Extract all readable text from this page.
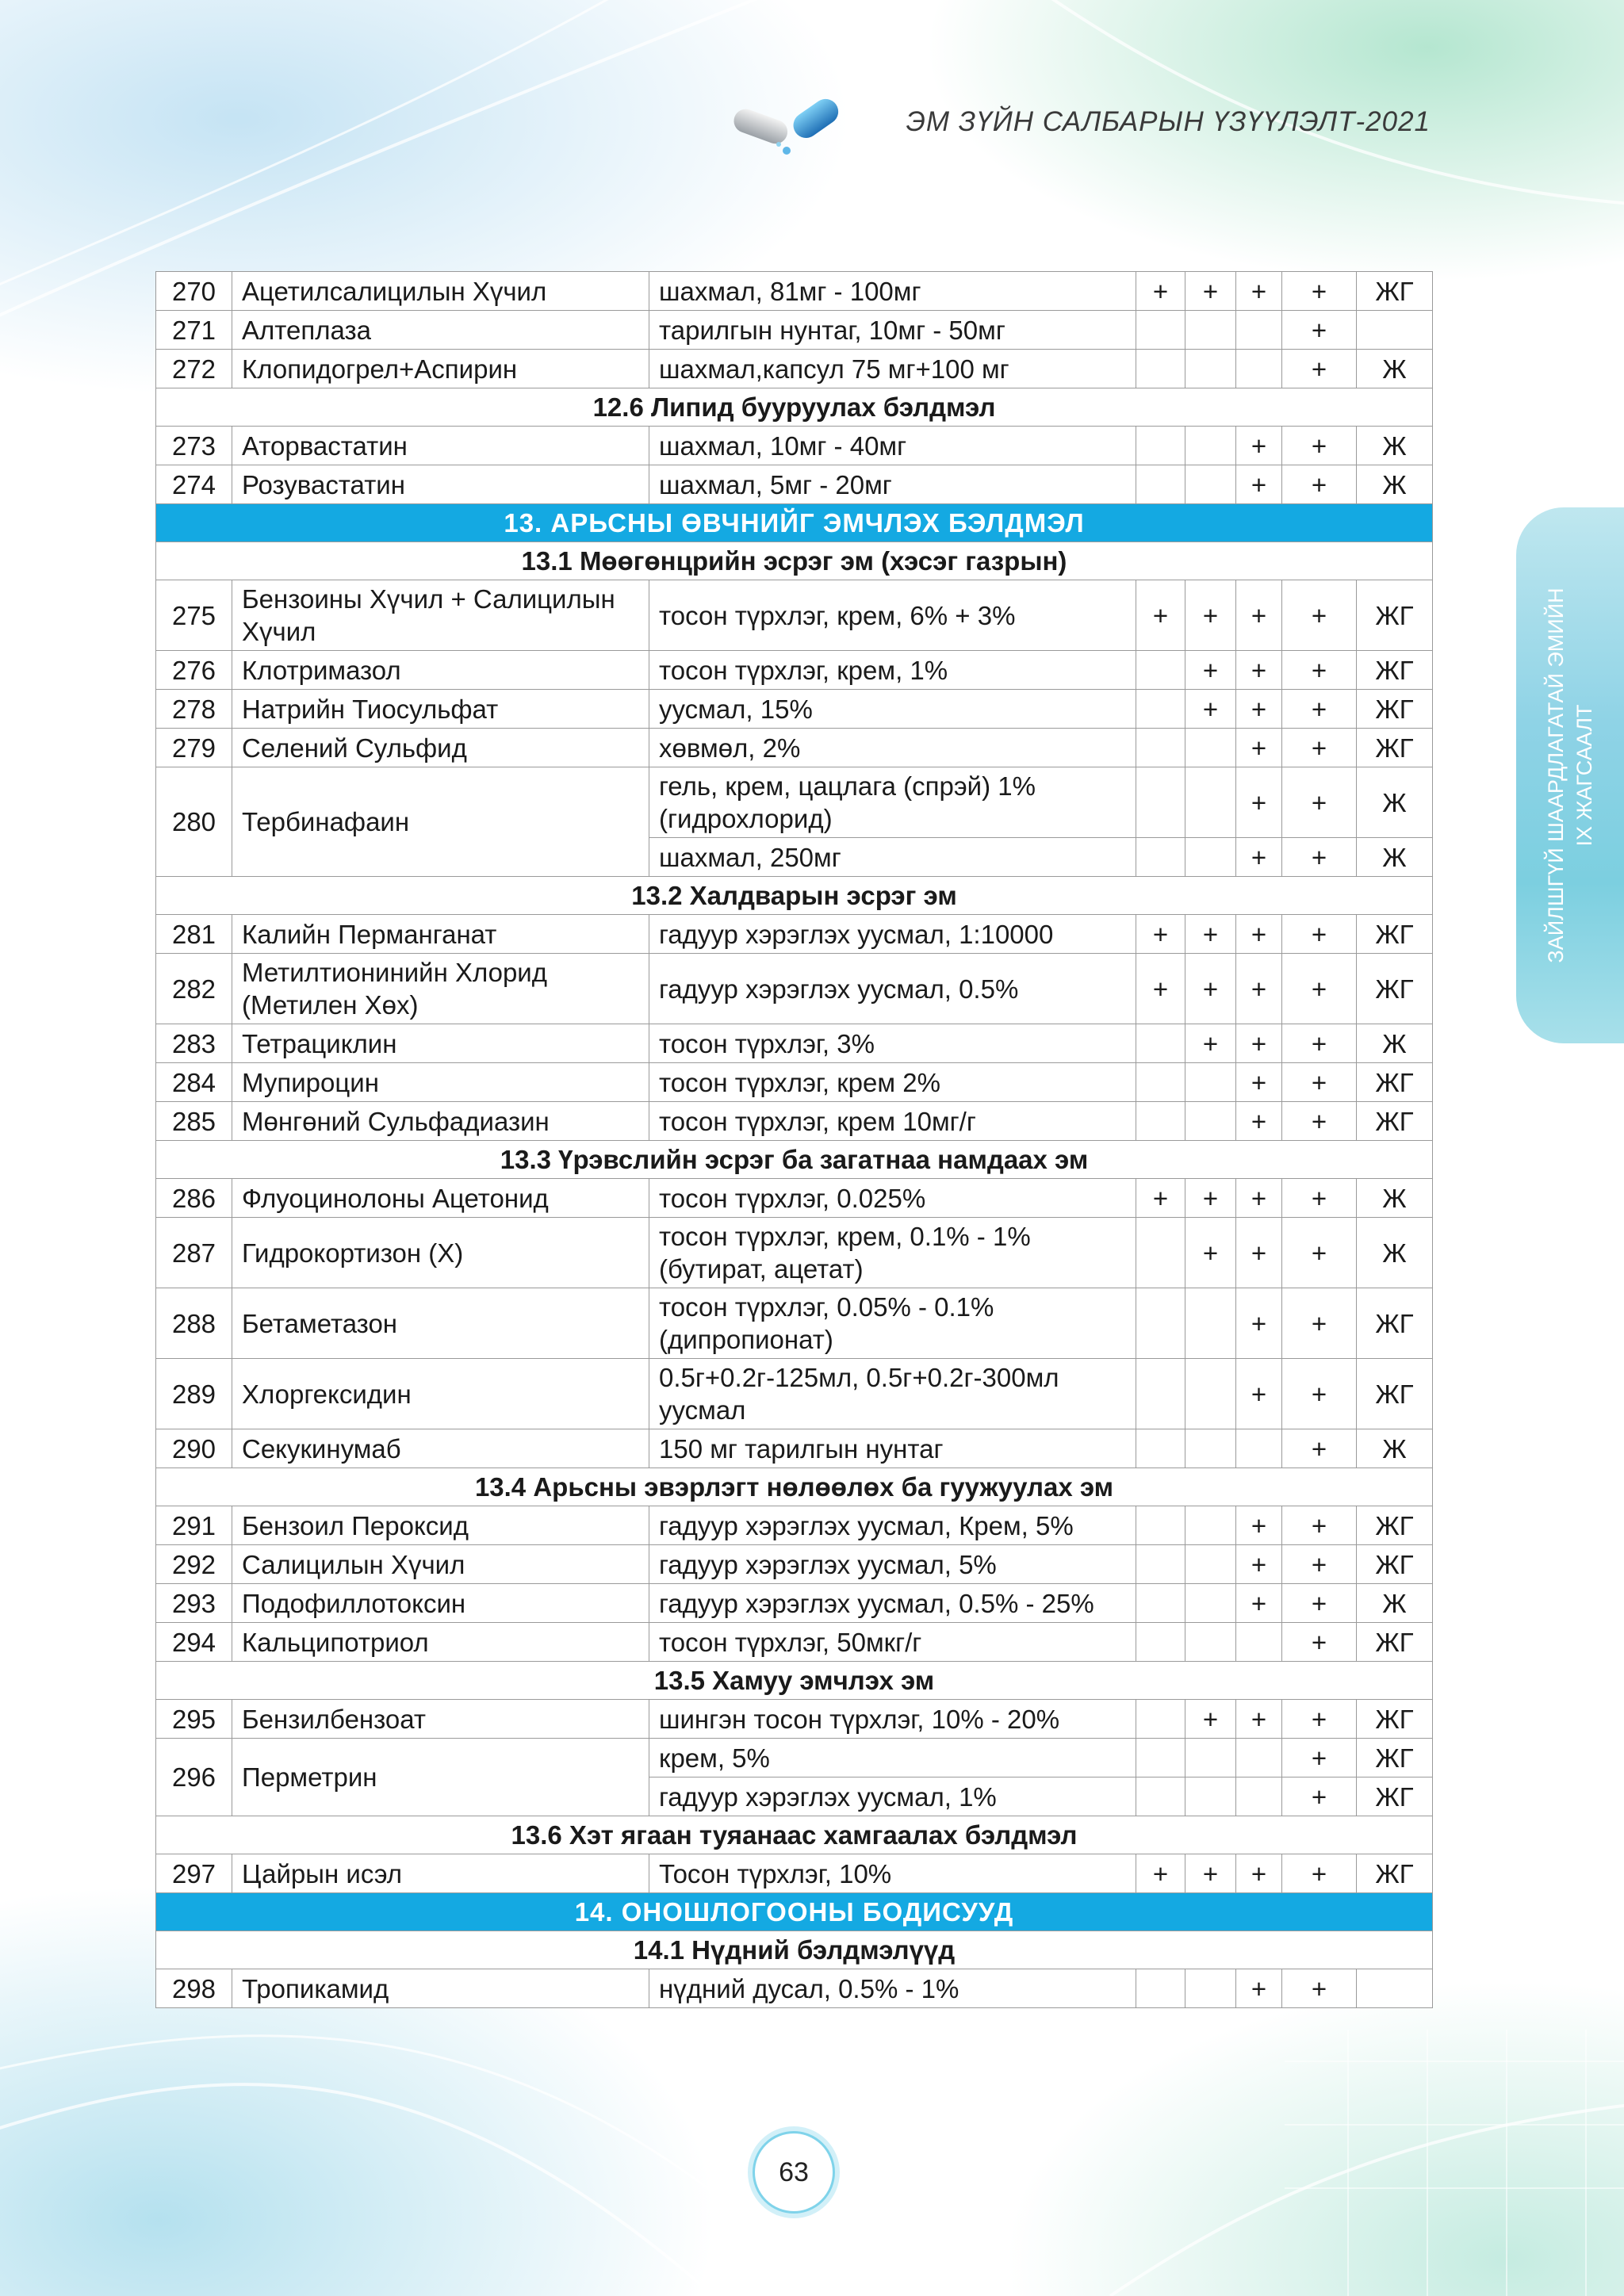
ЭМ ЗҮЙН САЛБАРЫН ҮЗҮҮЛЭЛТ-2021
ЗАЙЛШГҮЙ ШААРДЛАГАТАЙ ЭМИЙН IX ЖАГСААЛТ
270	Ацетилсалицилын Хүчил	шахмал, 81мг - 100мг	+	+	+	+	ЖГ
271	Алтеплаза	тарилгын нунтаг, 10мг - 50мг				+	
272	Клопидогрел+Аспирин	шахмал,капсул 75 мг+100 мг				+	Ж
12.6 Липид бууруулах бэлдмэл							
273	Аторвастатин	шахмал, 10мг - 40мг			+	+	Ж
274	Розувастатин	шахмал, 5мг - 20мг			+	+	Ж
13. АРЬСНЫ ӨВЧНИЙГ ЭМЧЛЭХ БЭЛДМЭЛ							
13.1 Мөөгөнцрийн эсрэг эм (хэсэг газрын)							
275	Бензоины Хүчил + Салицилын Хүчил	тосон түрхлэг, крем, 6% + 3%	+	+	+	+	ЖГ
276	Клотримазол	тосон түрхлэг, крем, 1%		+	+	+	ЖГ
278	Натрийн Тиосульфат	уусмал, 15%		+	+	+	ЖГ
279	Селений Сульфид	хөвмөл, 2%			+	+	ЖГ
280	Тербинафаин	гель, крем, цацлага (спрэй) 1% (гидрохлорид)			+	+	Ж
		шахмал, 250мг			+	+	Ж
13.2 Халдварын эсрэг эм							
281	Калийн Перманганат	гадуур хэрэглэх уусмал, 1:10000	+	+	+	+	ЖГ
282	Метилтионинийн Хлорид (Метилен Хөх)	гадуур хэрэглэх уусмал, 0.5%	+	+	+	+	ЖГ
283	Тетрациклин	тосон түрхлэг, 3%		+	+	+	Ж
284	Мупироцин	тосон түрхлэг, крем 2%			+	+	ЖГ
285	Мөнгөний Сульфадиазин	тосон түрхлэг, крем 10мг/г			+	+	ЖГ
13.3 Үрэвслийн эсрэг ба загатнаа намдаах эм							
286	Флуоцинолоны Ацетонид	тосон түрхлэг, 0.025%	+	+	+	+	Ж
287	Гидрокортизон (Х)	тосон түрхлэг, крем, 0.1% - 1% (бутират, ацетат)		+	+	+	Ж
288	Бетаметазон	тосон түрхлэг, 0.05% - 0.1% (дипропионат)			+	+	ЖГ
289	Хлоргексидин	0.5г+0.2г-125мл, 0.5г+0.2г-300мл уусмал			+	+	ЖГ
290	Секукинумаб	150 мг тарилгын нунтаг				+	Ж
13.4 Арьсны эвэрлэгт нөлөөлөх ба гуужуулах эм							
291	Бензоил Пероксид	гадуур хэрэглэх уусмал, Крем, 5%			+	+	ЖГ
292	Салицилын Хүчил	гадуур хэрэглэх уусмал, 5%			+	+	ЖГ
293	Подофиллотоксин	гадуур хэрэглэх уусмал, 0.5% - 25%			+	+	Ж
294	Кальципотриол	тосон түрхлэг, 50мкг/г				+	ЖГ
13.5 Хамуу эмчлэх эм							
295	Бензилбензоат	шингэн тосон түрхлэг, 10% - 20%		+	+	+	ЖГ
296	Перметрин	крем, 5%				+	ЖГ
		гадуур хэрэглэх уусмал, 1%				+	ЖГ
13.6 Хэт ягаан туяанаас хамгаалах бэлдмэл							
297	Цайрын исэл	Тосон түрхлэг, 10%	+	+	+	+	ЖГ
14. ОНОШЛОГООНЫ БОДИСУУД							
14.1 Нүдний бэлдмэлүүд							
298	Тропикамид	нүдний дусал, 0.5% - 1%			+	+	
63
